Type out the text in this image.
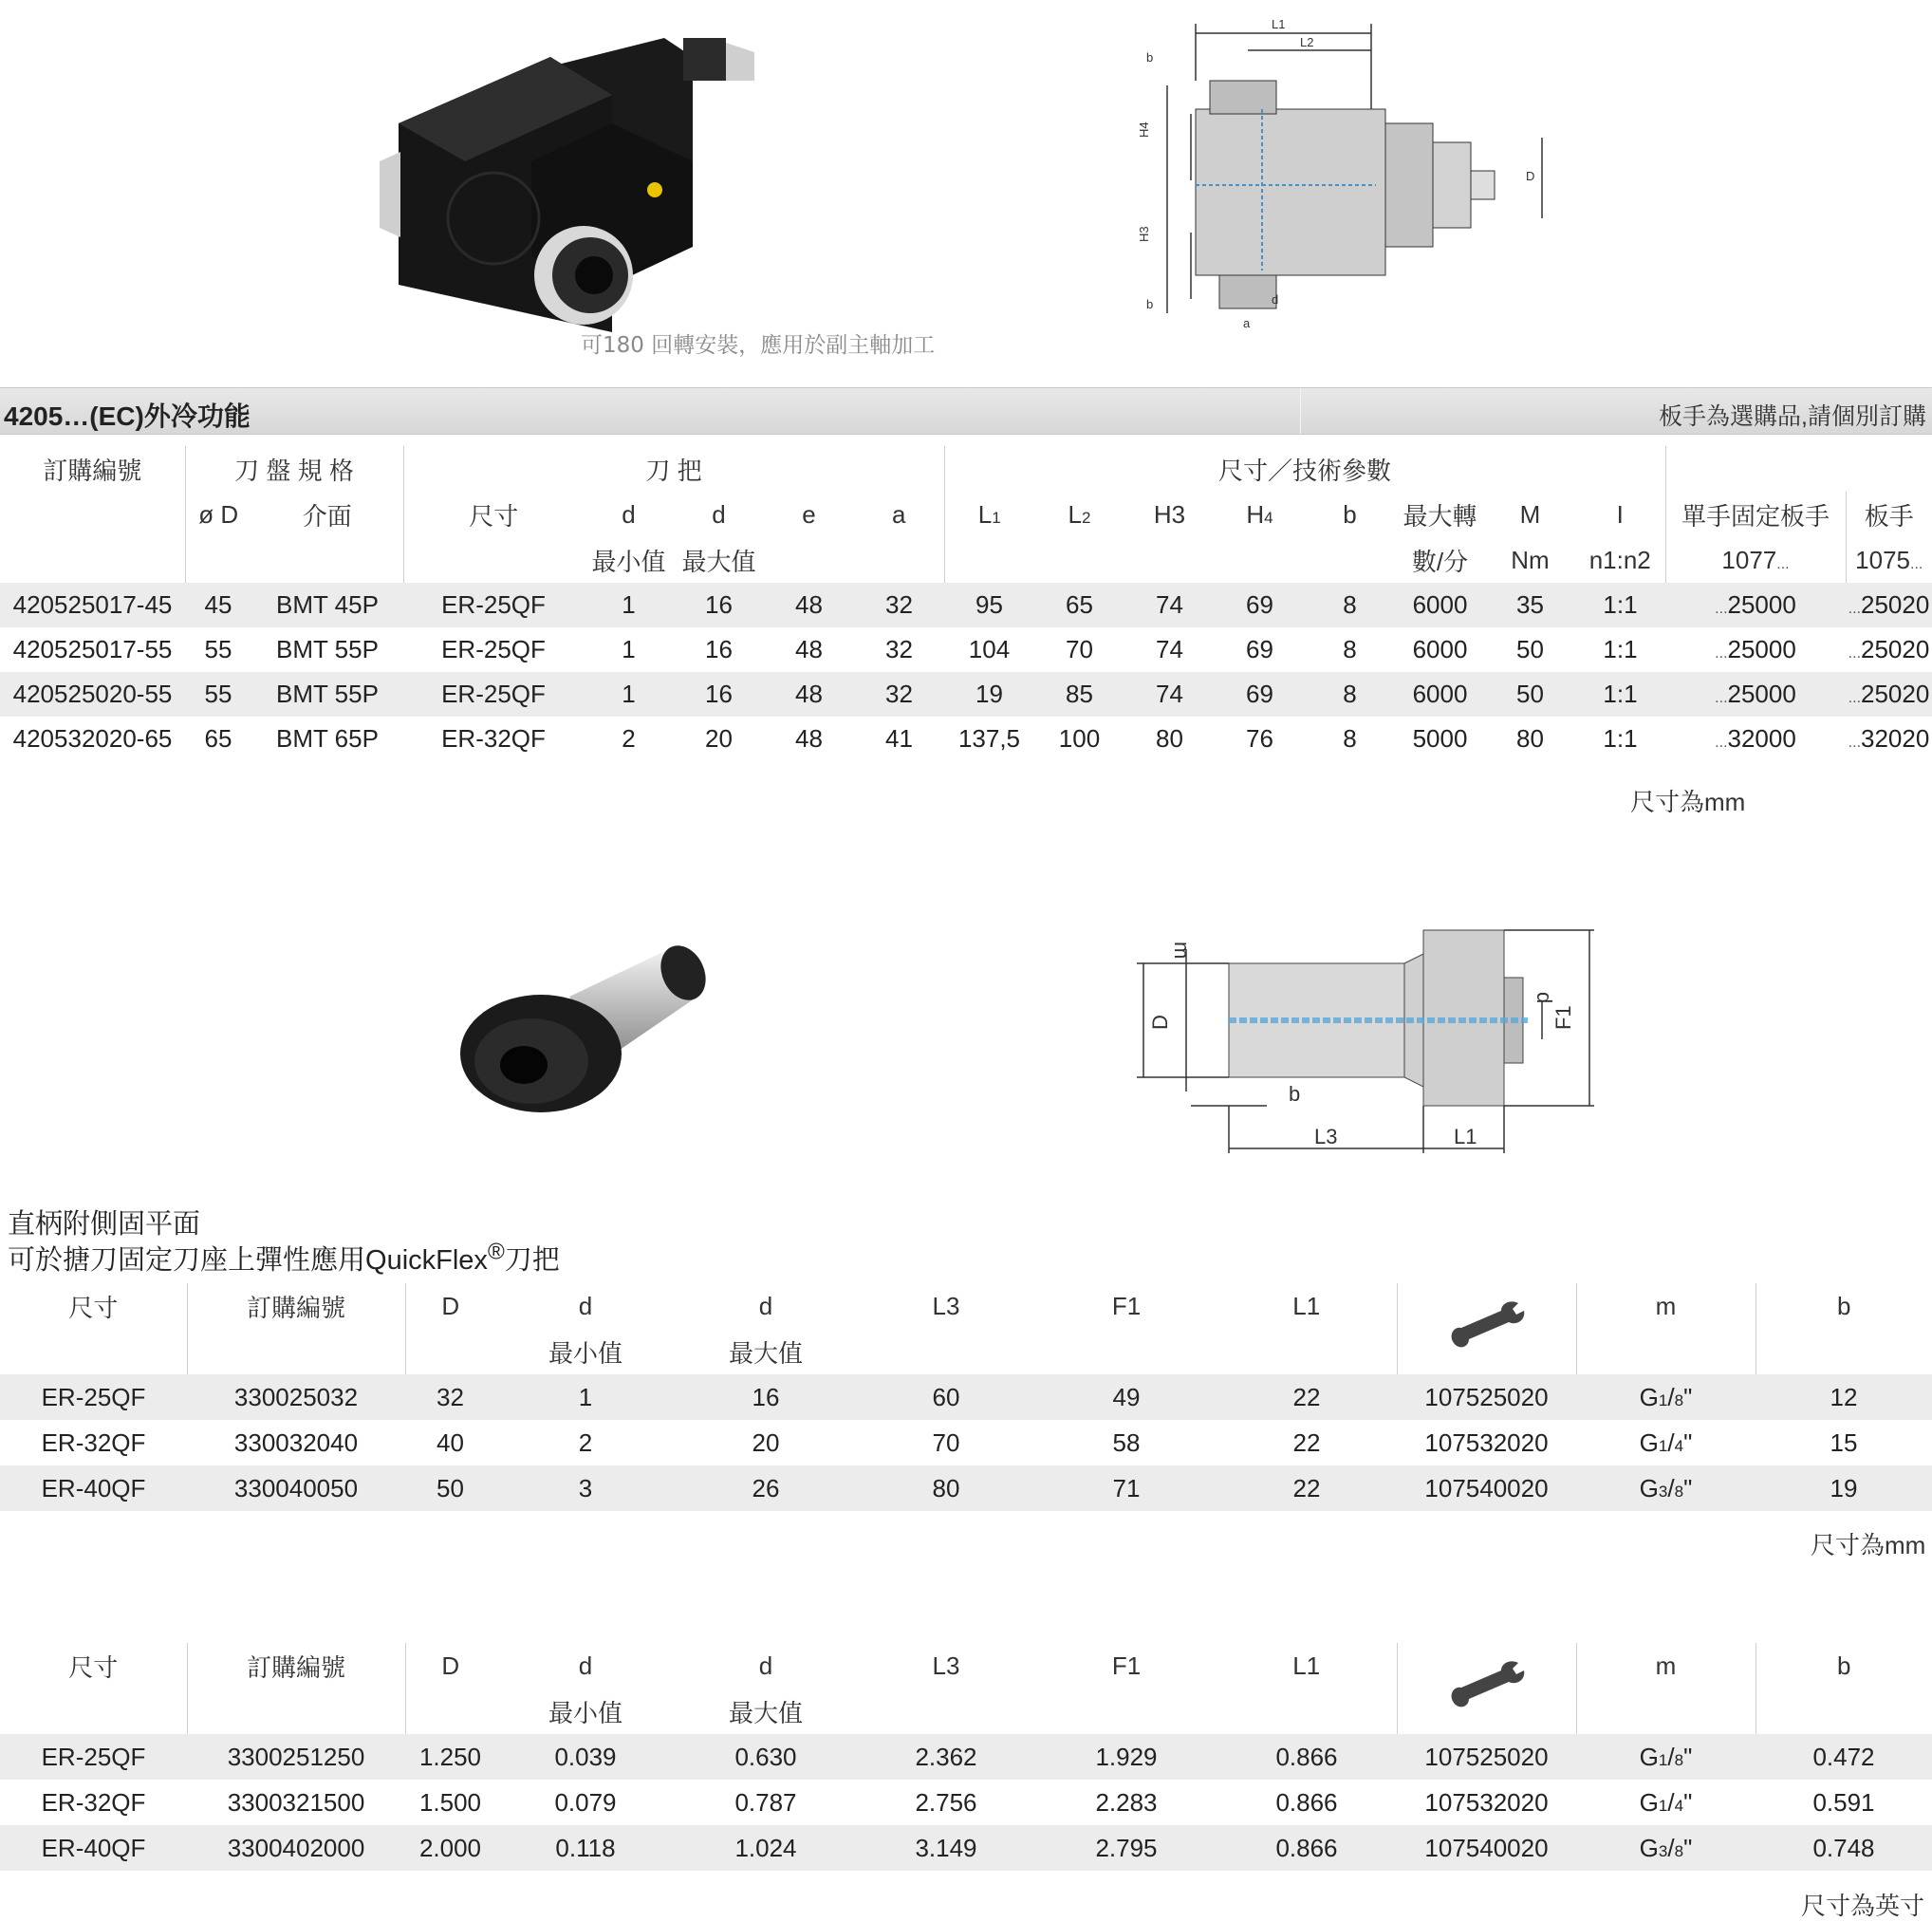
可180 回轉安裝，應用於副主軸加工
L1
L2
H4
H3
b
b
D
d
a
4205…(EC)外冷功能	板手為選購品,請個別訂購
訂購編號	刀 盤 規 格		刀 把					尺寸／技術參數									
	ø D	介面	尺寸	d	d	e	a	L1	L2	H3	H4	b	最大轉	M	I	單手固定板手	板手
				最小值	最大值								數/分	Nm	n1:n2	1077...	1075...
420525017-45	45	BMT 45P	ER-25QF	1	16	48	32	95	65	74	69	8	6000	35	1:1	...25000	...25020
420525017-55	55	BMT 55P	ER-25QF	1	16	48	32	104	70	74	69	8	6000	50	1:1	...25000	...25020
420525020-55	55	BMT 55P	ER-25QF	1	16	48	32	19	85	74	69	8	6000	50	1:1	...25000	...25020
420532020-65	65	BMT 65P	ER-32QF	2	20	48	41	137,5	100	80	76	8	5000	80	1:1	...32000	...32020
尺寸為mm
D
m
d
F1
b
L3	L1
直柄附側固平面
可於搪刀固定刀座上彈性應用QuickFlex®刀把
尺寸	訂購編號	D	d	d	L3	F1	L1		m	b
			最小值	最大值						
ER-25QF	330025032	32	1	16	60	49	22	107525020	G1/8"	12
ER-32QF	330032040	40	2	20	70	58	22	107532020	G1/4"	15
ER-40QF	330040050	50	3	26	80	71	22	107540020	G3/8"	19
尺寸為mm
尺寸	訂購編號	D	d	d	L3	F1	L1		m	b
			最小值	最大值						
ER-25QF	3300251250	1.250	0.039	0.630	2.362	1.929	0.866	107525020	G1/8"	0.472
ER-32QF	3300321500	1.500	0.079	0.787	2.756	2.283	0.866	107532020	G1/4"	0.591
ER-40QF	3300402000	2.000	0.118	1.024	3.149	2.795	0.866	107540020	G3/8"	0.748
尺寸為英寸
